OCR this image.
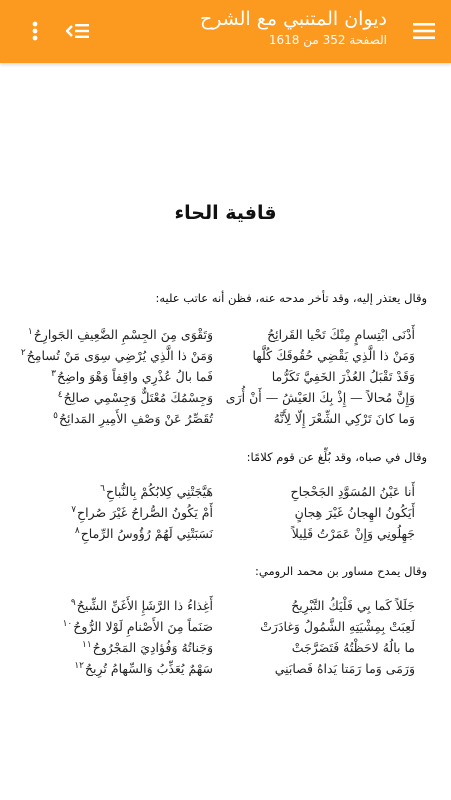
ديوان المتنبي مع الشرح
الصفحة 352 من 1618
قافية الحاء
وقال يعتذر إليه، وقد تأخر مدحه عنه، فظن أنه عاتب عليه:
أَدْنَى ابْتِسامٍ مِنْكَ تَحْيا القَرائِحُ
وَتَقْوَى مِنَ الجِسْمِ الضَّعِيفِ الجَوارِحُ$^١$
وَمَنْ ذا الَّذِي يَقْضِي حُقُوقَكَ كُلَّها
وَمَنْ ذا الَّذِي يُرْضِي سِوَى مَنْ تُسامِحُ$^٢$
وَقَدْ تَقْبَلُ العُذْرَ الخَفِيَّ تَكَرُّما
فَما بالُ عُذْرِي واقِفاً وَهْوَ واضِحُ$^٣$
وَإِنَّ مُحالاً — إِذْ بِكَ العَيْشُ — أَنْ أُرَى
وَجِسْمُكَ مُعْتَلٌّ وَجِسْمِي صالِحُ$^٤$
وَما كانَ تَرْكِي الشِّعْرَ إِلّا لِأَنَّهُ
تُقَصِّرُ عَنْ وَصْفِ الأَمِيرِ المَدائِحُ$^٥$
وقال في صباه، وقد بُلِّغ عن قوم كلامًا:
أَنا عَيْنُ المُسَوَّدِ الجَحْجاحِ
هَيَّجَتْنِي كِلابُكُمْ بِالنُّباحِ$^٦$
أَيَكُونُ الهِجانُ غَيْرَ هِجانٍ
أَمْ يَكُونُ الصُّراحُ غَيْرَ صُراحِ$^٧$
جَهِلُونِي وَإِنْ عَمَرْتُ قَلِيلاً
نَسَبَتْنِي لَهُمْ رُؤُوسُ الرِّماحِ$^٨$
وقال يمدح مساور بن محمد الرومي:
جَلَلاً كَما بِي فَلْيَكُ التَّبْرِيحُ
أَغِذاءُ ذا الرَّشَإِ الأَغَنِّ الشِّيحُ$^٩$
لَعِبَتْ بِمِشْيَتِهِ الشَّمُولُ وَغادَرَتْ
صَنَماً مِنَ الأَصْنامِ لَوْلا الرُّوحُ$^{١٠}$
ما بالُهُ لاحَظْتُهُ فَتَضَرَّجَتْ
وَجَناتُهُ وَفُؤادِيَ المَجْرُوحُ$^{١١}$
وَرَمَى وَما رَمَتا يَداهُ فَصابَنِي
سَهْمٌ يُعَذِّبُ وَالسِّهامُ تُرِيحُ$^{١٢}$
